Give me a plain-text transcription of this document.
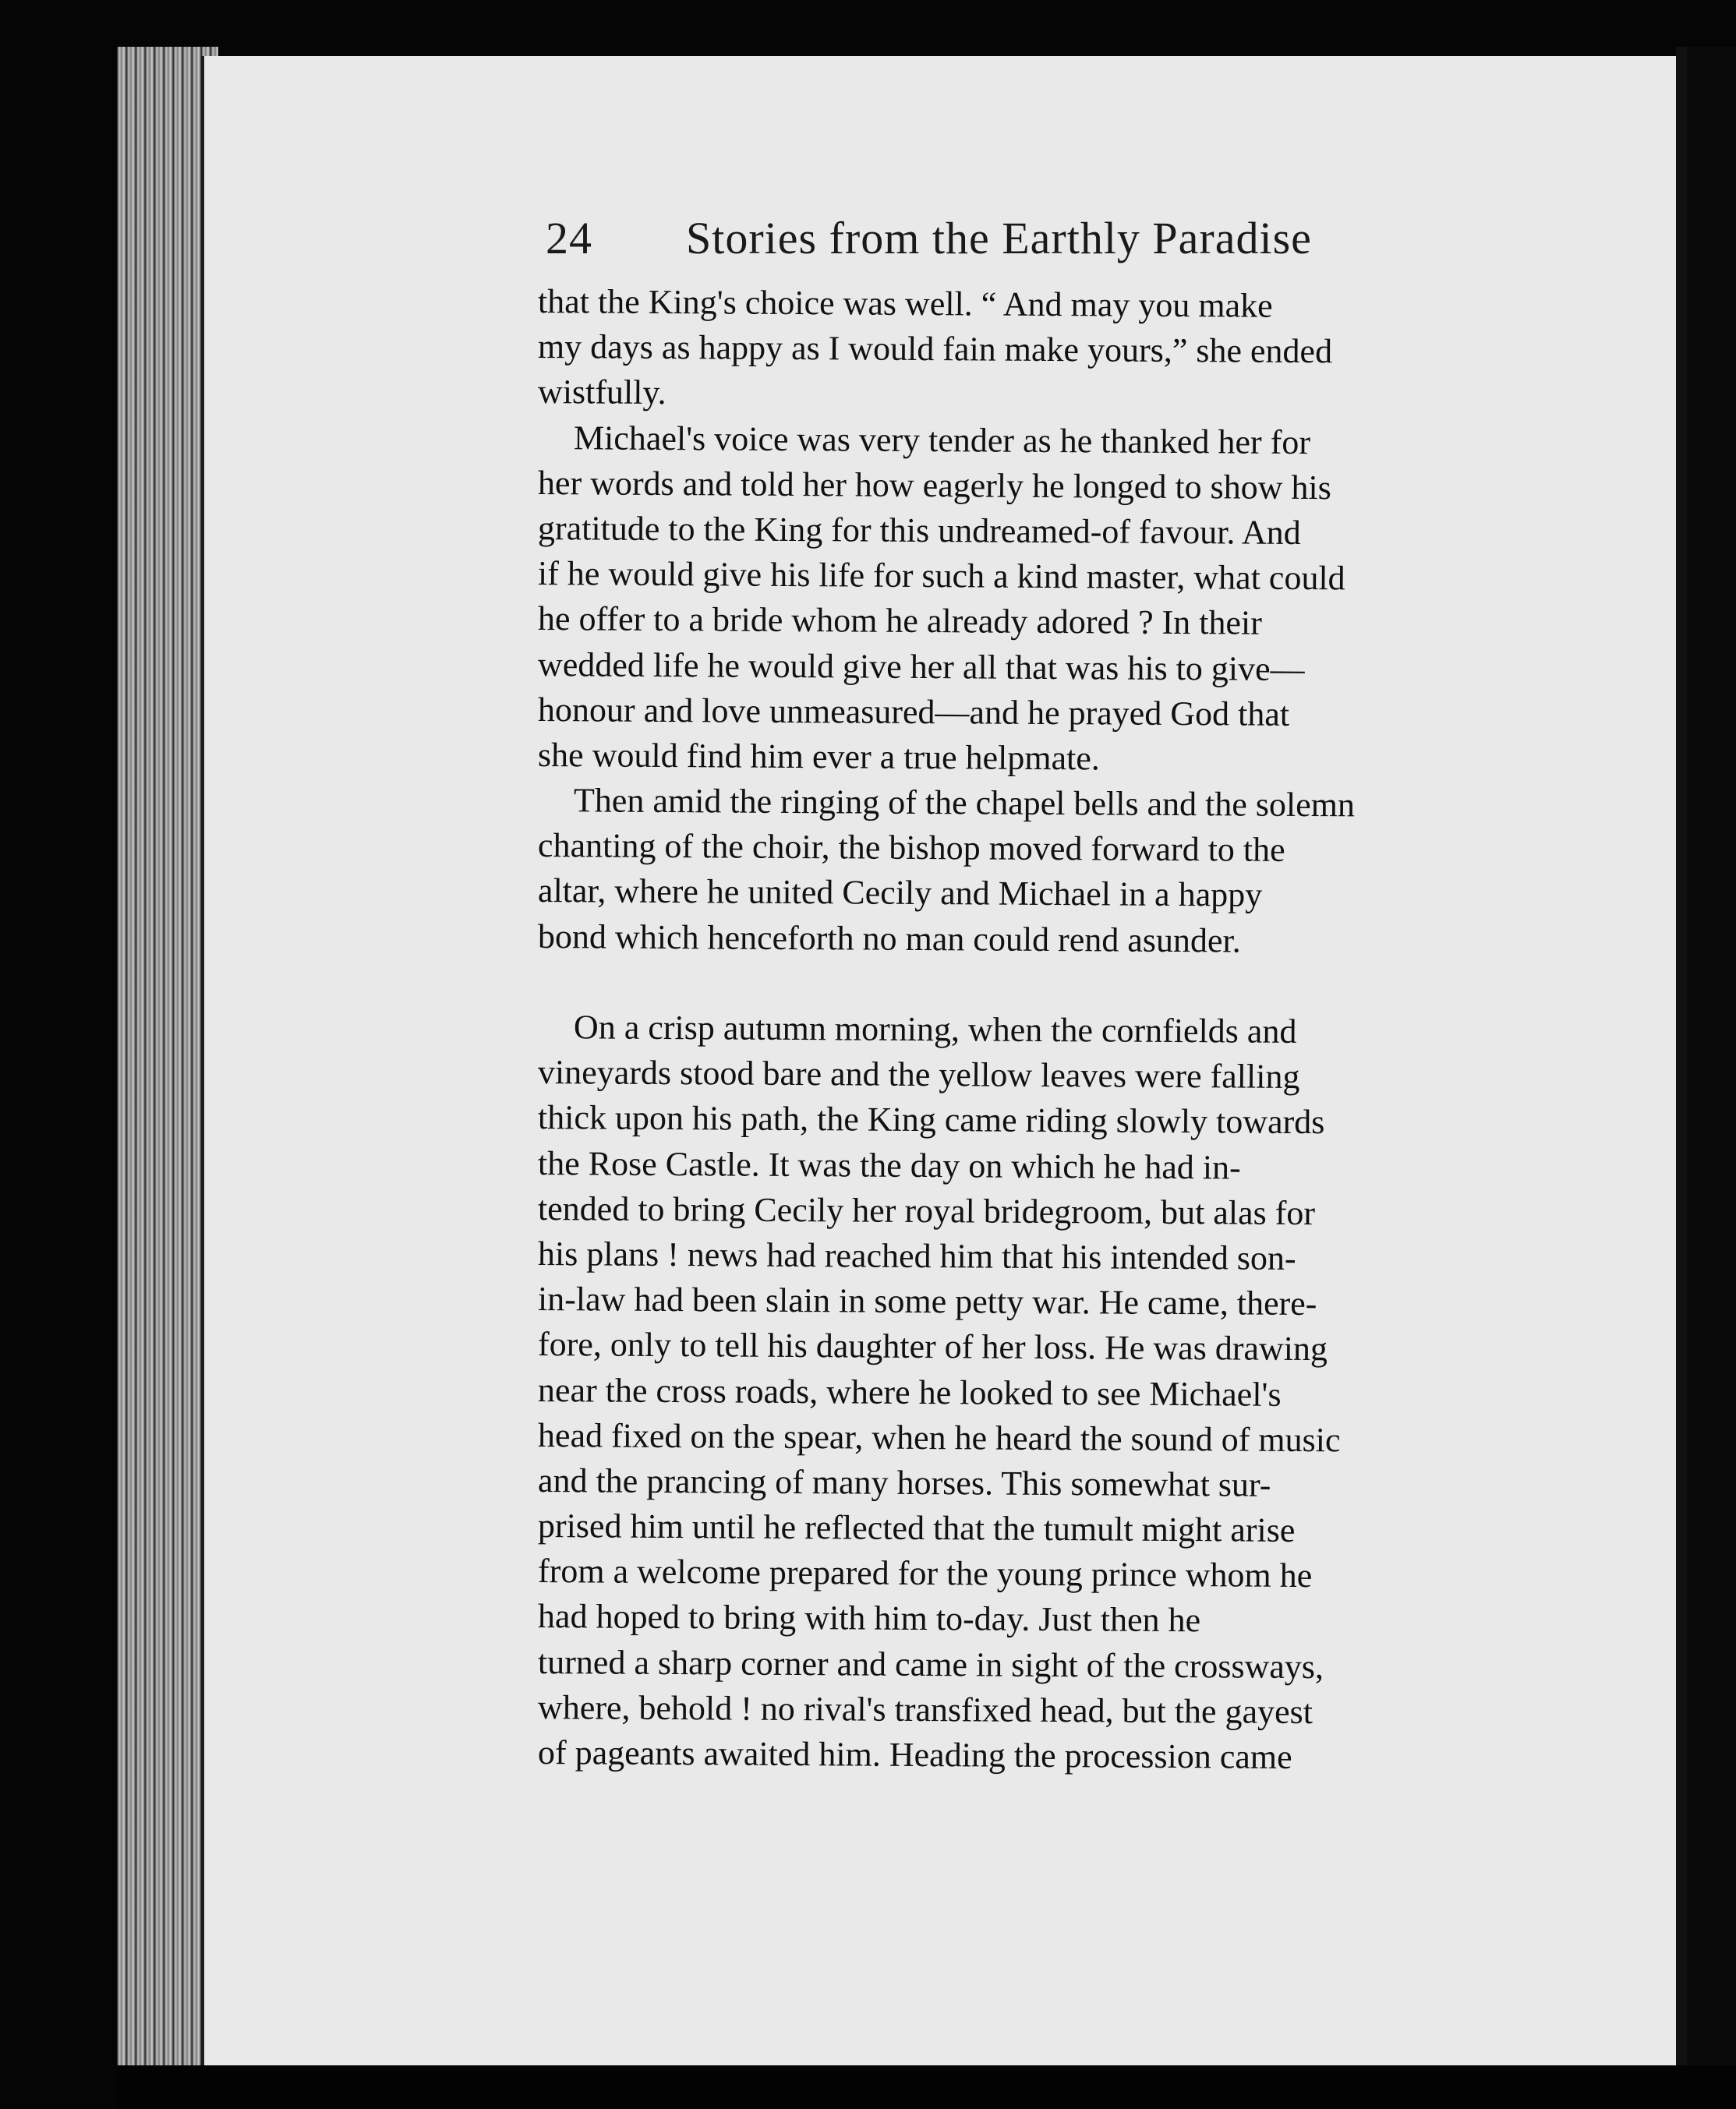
24 Stories from the Earthly Paradise
that the King's choice was well. “ And may you make
my days as happy as I would fain make yours,” she ended
wistfully.
Michael's voice was very tender as he thanked her for
her words and told her how eagerly he longed to show his
gratitude to the King for this undreamed-of favour. And
if he would give his life for such a kind master, what could
he offer to a bride whom he already adored ? In their
wedded life he would give her all that was his to give—
honour and love unmeasured—and he prayed God that
she would find him ever a true helpmate.
Then amid the ringing of the chapel bells and the solemn
chanting of the choir, the bishop moved forward to the
altar, where he united Cecily and Michael in a happy
bond which henceforth no man could rend asunder.
On a crisp autumn morning, when the cornfields and
vineyards stood bare and the yellow leaves were falling
thick upon his path, the King came riding slowly towards
the Rose Castle. It was the day on which he had in-
tended to bring Cecily her royal bridegroom, but alas for
his plans ! news had reached him that his intended son-
in-law had been slain in some petty war. He came, there-
fore, only to tell his daughter of her loss. He was drawing
near the cross roads, where he looked to see Michael's
head fixed on the spear, when he heard the sound of music
and the prancing of many horses. This somewhat sur-
prised him until he reflected that the tumult might arise
from a welcome prepared for the young prince whom he
had hoped to bring with him to-day. Just then he
turned a sharp corner and came in sight of the crossways,
where, behold ! no rival's transfixed head, but the gayest
of pageants awaited him. Heading the procession came
